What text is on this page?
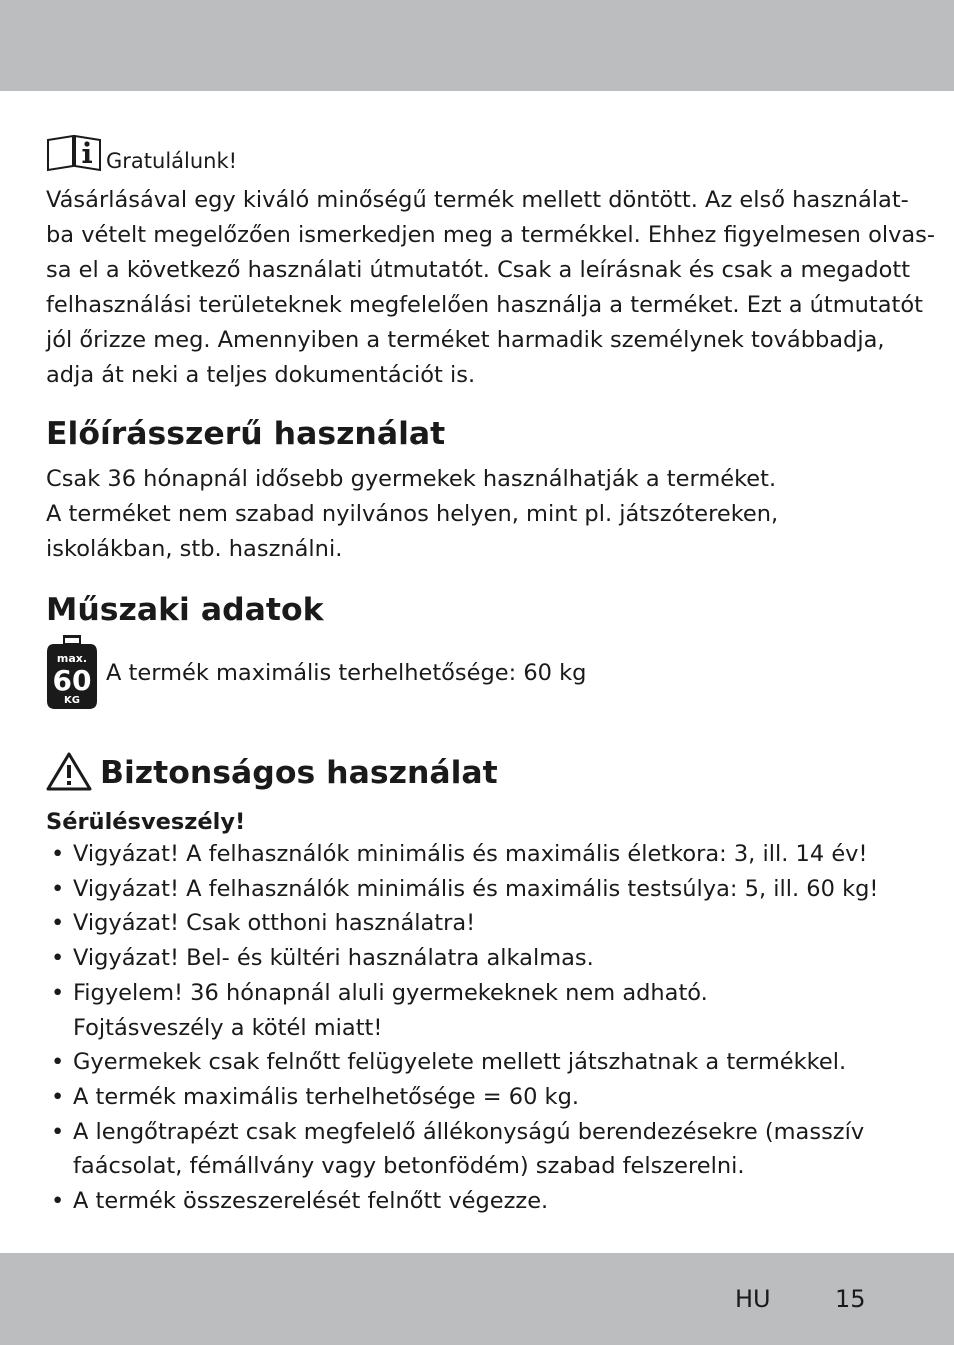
Gratulálunk!
Vásárlásával egy kiváló minőségű termék mellett döntött. Az első használat-
ba vételt megelőzően ismerkedjen meg a termékkel. Ehhez figyelmesen olvas-
sa el a következő használati útmutatót. Csak a leírásnak és csak a megadott
felhasználási területeknek megfelelően használja a terméket. Ezt a útmutatót
jól őrizze meg. Amennyiben a terméket harmadik személynek továbbadja,
adja át neki a teljes dokumentációt is.
Előírásszerű használat
Csak 36 hónapnál idősebb gyermekek használhatják a terméket.
A terméket nem szabad nyilvános helyen, mint pl. játszótereken,
iskolákban, stb. használni.
Műszaki adatok
max.
60
KG
A termék maximális terhelhetősége: 60 kg
Biztonságos használat
Sérülésveszély!
• Vigyázat! A felhasználók minimális és maximális életkora: 3, ill. 14 év!
• Vigyázat! A felhasználók minimális és maximális testsúlya: 5, ill. 60 kg!
• Vigyázat! Csak otthoni használatra!
• Vigyázat! Bel- és kültéri használatra alkalmas.
• Figyelem! 36 hónapnál aluli gyermekeknek nem adható.
Fojtásveszély a kötél miatt!
• Gyermekek csak felnőtt felügyelete mellett játszhatnak a termékkel.
• A termék maximális terhelhetősége = 60 kg.
• A lengőtrapézt csak megfelelő állékonyságú berendezésekre (masszív
faácsolat, fémállvány vagy betonfödém) szabad felszerelni.
• A termék összeszerelését felnőtt végezze.
HU	15
